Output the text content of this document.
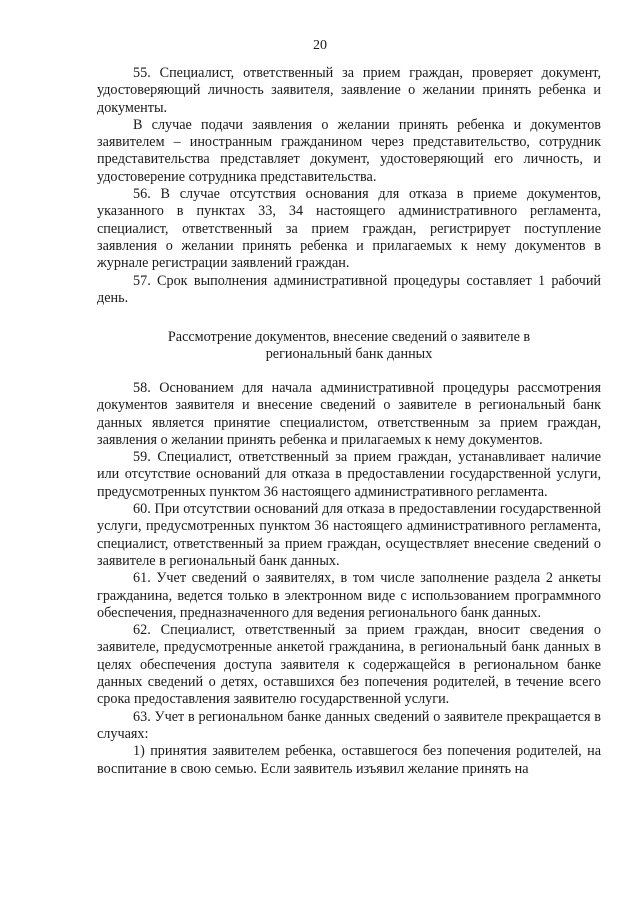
20

55. Специалист, ответственный за прием граждан, проверяет документ, удостоверяющий личность заявителя, заявление о желании принять ребенка и документы.

В случае подачи заявления о желании принять ребенка и документов заявителем – иностранным гражданином через представительство, сотрудник представительства представляет документ, удостоверяющий его личность, и удостоверение сотрудника представительства.

56. В случае отсутствия основания для отказа в приеме документов, указанного в пунктах 33, 34 настоящего административного регламента, специалист, ответственный за прием граждан, регистрирует поступление заявления о желании принять ребенка и прилагаемых к нему документов в журнале регистрации заявлений граждан.

57. Срок выполнения административной процедуры составляет 1 рабочий день.

Рассмотрение документов, внесение сведений о заявителе в
региональный банк данных

58. Основанием для начала административной процедуры рассмотрения документов заявителя и внесение сведений о заявителе в региональный банк данных является принятие специалистом, ответственным за прием граждан, заявления о желании принять ребенка и прилагаемых к нему документов.

59. Специалист, ответственный за прием граждан, устанавливает наличие или отсутствие оснований для отказа в предоставлении государственной услуги, предусмотренных пунктом 36 настоящего административного регламента.

60. При отсутствии оснований для отказа в предоставлении государственной услуги, предусмотренных пунктом 36 настоящего административного регламента, специалист, ответственный за прием граждан, осуществляет внесение сведений о заявителе в региональный банк данных.

61. Учет сведений о заявителях, в том числе заполнение раздела 2 анкеты гражданина, ведется только в электронном виде с использованием программного обеспечения, предназначенного для ведения регионального банк данных.

62. Специалист, ответственный за прием граждан, вносит сведения о заявителе, предусмотренные анкетой гражданина, в региональный банк данных в целях обеспечения доступа заявителя к содержащейся в региональном банке данных сведений о детях, оставшихся без попечения родителей, в течение всего срока предоставления заявителю государственной услуги.

63. Учет в региональном банке данных сведений о заявителе прекращается в случаях:

1) принятия заявителем ребенка, оставшегося без попечения родителей, на воспитание в свою семью. Если заявитель изъявил желание принять на
